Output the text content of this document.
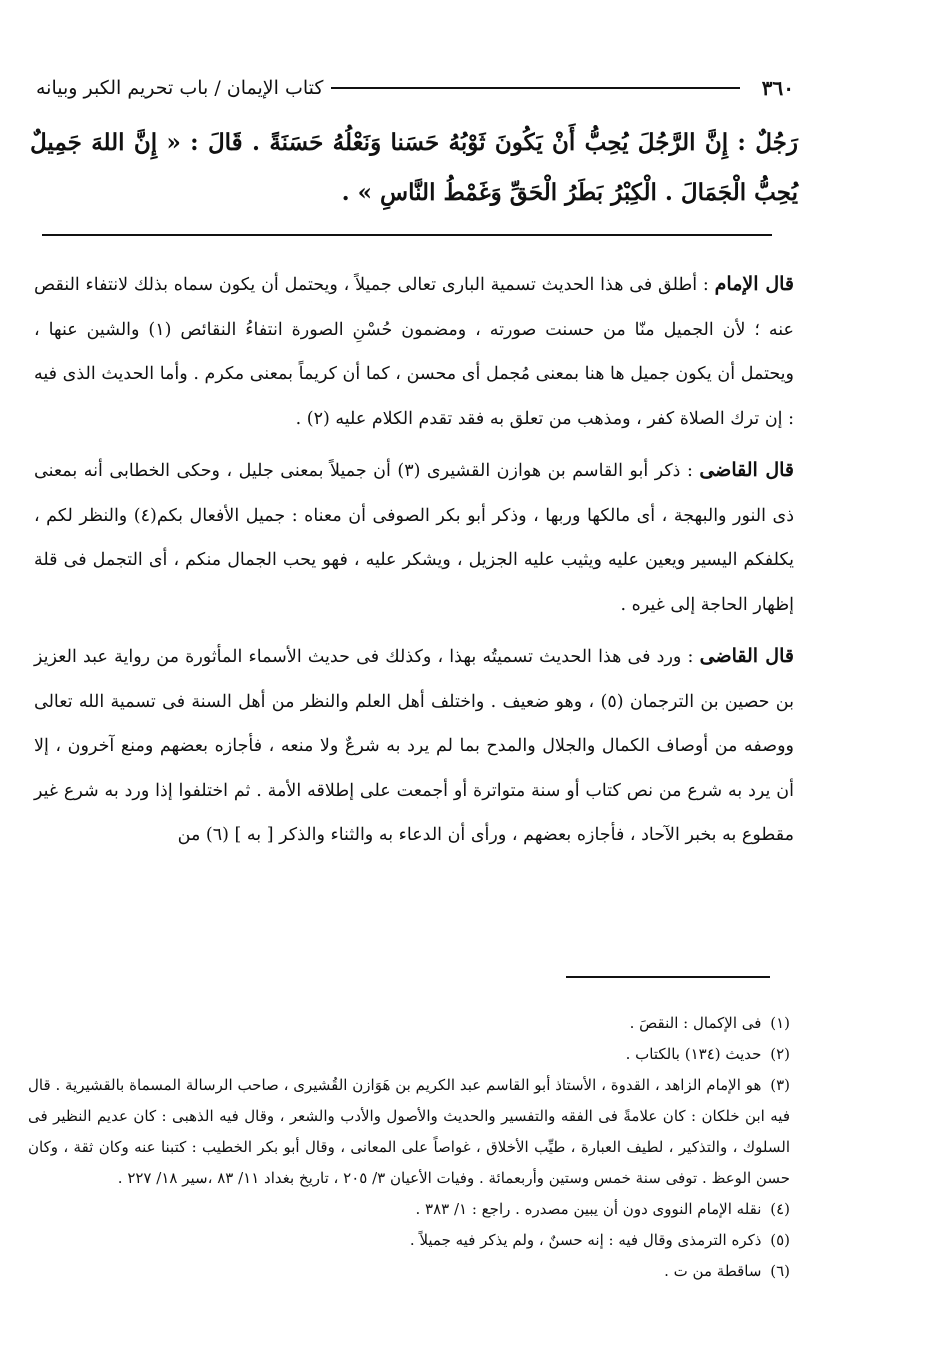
٣٦٠
كتاب الإيمان / باب تحريم الكبر وبيانه
رَجُلٌ : إِنَّ الرَّجُلَ يُحِبُّ أَنْ يَكُونَ ثَوْبُهُ حَسَنا وَنَعْلُهُ حَسَنَةً . قَالَ : « إِنَّ اللهَ جَمِيلٌ يُحِبُّ الْجَمَالَ . الْكِبْرُ بَطَرُ الْحَقِّ وَغَمْطُ النَّاسِ » .

قال الإمام : أطلق فى هذا الحديث تسمية البارى تعالى جميلاً ، ويحتمل أن يكون سماه بذلك لانتفاء النقص عنه ؛ لأن الجميل منّا من حسنت صورته ، ومضمون حُسْنِ الصورة انتفاءُ النقائص (١) والشين عنها ، ويحتمل أن يكون جميل ها هنا بمعنى مُجمل أى محسن ، كما أن كريماً بمعنى مكرم . وأما الحديث الذى فيه : إن ترك الصلاة كفر ، ومذهب من تعلق به فقد تقدم الكلام عليه (٢) .

قال القاضى : ذكر أبو القاسم بن هوازن القشيرى (٣) أن جميلاً بمعنى جليل ، وحكى الخطابى أنه بمعنى ذى النور والبهجة ، أى مالكها وربها ، وذكر أبو بكر الصوفى أن معناه : جميل الأفعال بكم(٤) والنظر لكم ، يكلفكم اليسير ويعين عليه ويثيب عليه الجزيل ، ويشكر عليه ، فهو يحب الجمال منكم ، أى التجمل فى قلة إظهار الحاجة إلى غيره .

قال القاضى : ورد فى هذا الحديث تسميتُه بهذا ، وكذلك فى حديث الأسماء المأثورة من رواية عبد العزيز بن حصين بن الترجمان (٥) ، وهو ضعيف . واختلف أهل العلم والنظر من أهل السنة فى تسمية الله تعالى ووصفه من أوصاف الكمال والجلال والمدح بما لم يرد به شرعٌ ولا منعه ، فأجازه بعضهم ومنع آخرون ، إلا أن يرد به شرع من نص كتاب أو سنة متواترة أو أجمعت على إطلاقه الأمة . ثم اختلفوا إذا ورد به شرع غير مقطوع به بخبر الآحاد ، فأجازه بعضهم ، ورأى أن الدعاء به والثناء والذكر [ به ] (٦) من

(١) فى الإكمال : النقصَ .

(٢) حديث (١٣٤) بالكتاب .

(٣) هو الإمام الزاهد ، القدوة ، الأستاذ أبو القاسم عبد الكريم بن هَوَازن القُشيرى ، صاحب الرسالة المسماة بالقشيرية . قال فيه ابن خلكان : كان علامةً فى الفقه والتفسير والحديث والأصول والأدب والشعر ، وقال فيه الذهبى : كان عديم النظير فى السلوك ، والتذكير ، لطيف العبارة ، طيِّب الأخلاق ، غواصاً على المعانى ، وقال أبو بكر الخطيب : كتبنا عنه وكان ثقة ، وكان حسن الوعظ . توفى سنة خمس وستين وأربعمائة . وفيات الأعيان ٣/ ٢٠٥ ، تاريخ بغداد ١١/ ٨٣ ،سير ١٨/ ٢٢٧ .

(٤) نقله الإمام النووى دون أن يبين مصدره . راجع : ١/ ٣٨٣ .

(٥) ذكره الترمذى وقال فيه : إنه حسنٌ ، ولم يذكر فيه جميلاً .

(٦) ساقطة من ت .
